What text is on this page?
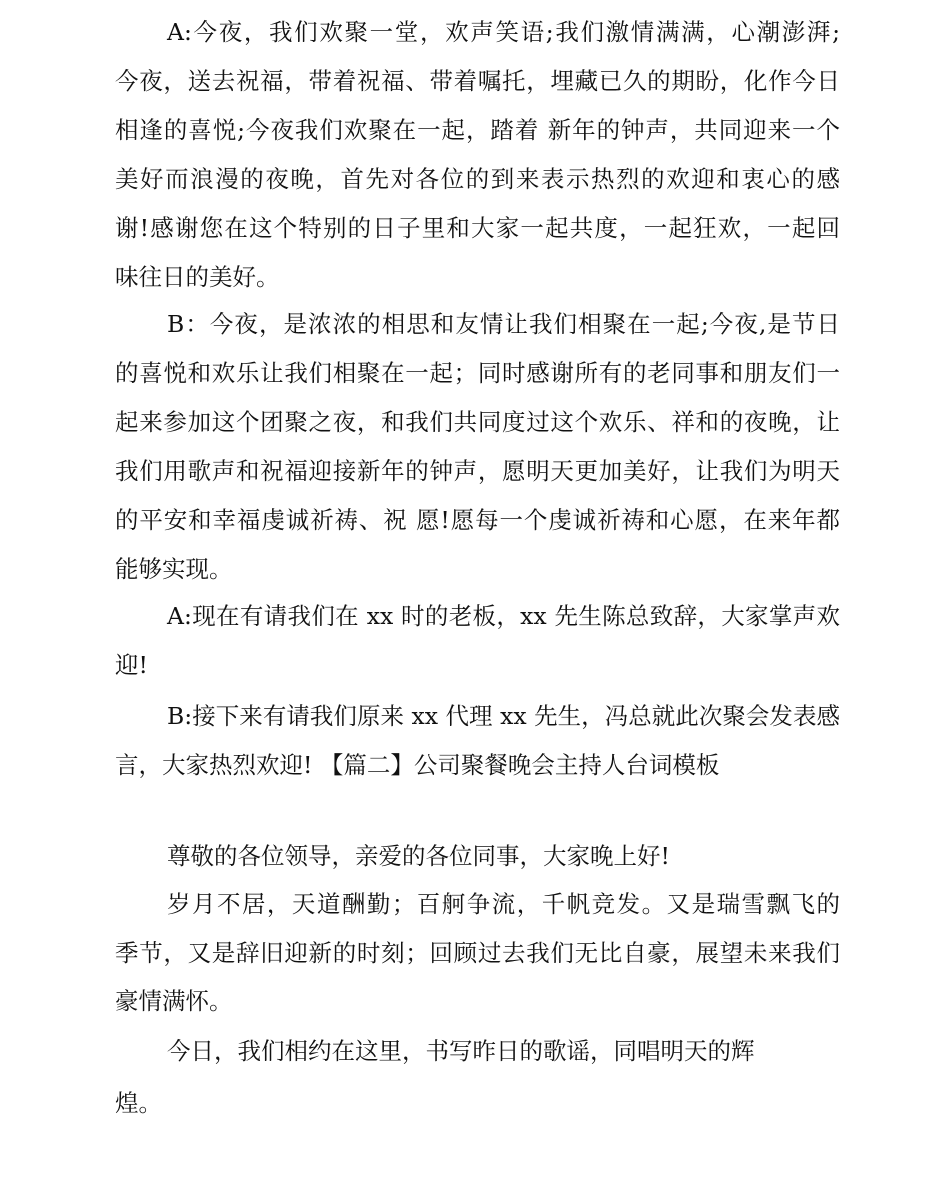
A:今夜，我们欢聚一堂，欢声笑语;我们激情满满，心潮澎湃;
今夜，送去祝福，带着祝福、带着嘱托，埋藏已久的期盼，化作今日
相逢的喜悦;今夜我们欢聚在一起，踏着 新年的钟声，共同迎来一个
美好而浪漫的夜晚，首先对各位的到来表示热烈的欢迎和衷心的感
谢!感谢您在这个特别的日子里和大家一起共度，一起狂欢，一起回
味往日的美好。
B：今夜，是浓浓的相思和友情让我们相聚在一起;今夜,是节日
的喜悦和欢乐让我们相聚在一起；同时感谢所有的老同事和朋友们一
起来参加这个团聚之夜，和我们共同度过这个欢乐、祥和的夜晚，让
我们用歌声和祝福迎接新年的钟声，愿明天更加美好，让我们为明天
的平安和幸福虔诚祈祷、祝 愿!愿每一个虔诚祈祷和心愿，在来年都
能够实现。
A:现在有请我们在 xx 时的老板，xx 先生陈总致辞，大家掌声欢
迎!
B:接下来有请我们原来 xx 代理 xx 先生，冯总就此次聚会发表感
言，大家热烈欢迎! 【篇二】公司聚餐晚会主持人台词模板
尊敬的各位领导，亲爱的各位同事，大家晚上好!
岁月不居，天道酬勤；百舸争流，千帆竞发。又是瑞雪飘飞的
季节，又是辞旧迎新的时刻；回顾过去我们无比自豪，展望未来我们
豪情满怀。
今日，我们相约在这里，书写昨日的歌谣，同唱明天的辉
煌。
